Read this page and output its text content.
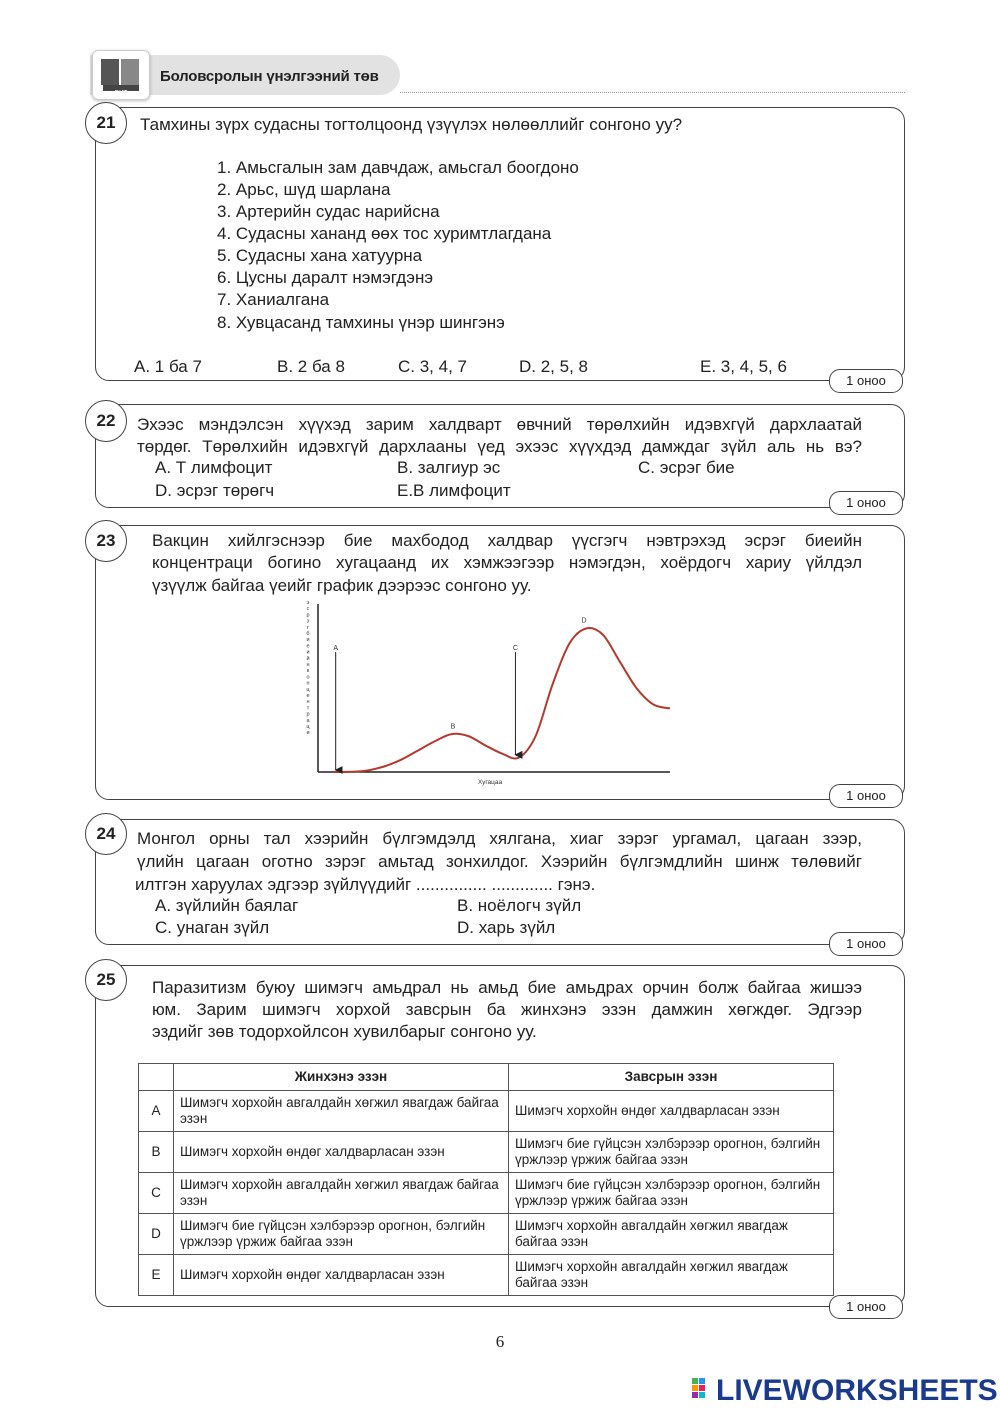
БҮТ
Боловсролын үнэлгээний төв
21	Тамхины зүрх судасны тогтолцоонд үзүүлэх нөлөөллийг сонгоно уу?
1. Амьсгалын зам давчдаж, амьсгал боогдоно
2. Арьс, шүд шарлана
3. Артерийн судас нарийсна
4. Судасны хананд өөх тос хуримтлагдана
5. Судасны хана хатуурна
6. Цусны даралт нэмэгдэнэ
7. Ханиалгана
8. Хувцасанд тамхины үнэр шингэнэ
A. 1 ба 7	B. 2 ба 8	C. 3, 4, 7	D. 2, 5, 8	E. 3, 4, 5, 6
1 оноо
22	Эхээс мэндэлсэн хүүхэд зарим халдварт өвчний төрөлхийн идэвхгүй дархлаатай
төрдөг. Төрөлхийн идэвхгүй дархлааны үед эхээс хүүхдэд дамждаг зүйл аль нь вэ?
A. Т лимфоцит	B. залгиур эс	C. эсрэг бие
D. эсрэг төрөгч	E.В лимфоцит
1 оноо
23	Вакцин хийлгэснээр бие махбодод халдвар үүсгэгч нэвтрэхэд эсрэг биеийн
концентраци богино хугацаанд их хэмжээгээр нэмэгдэн, хоёрдогч хариу үйлдэл
үзүүлж байгаа үеийг график дээрээс сонгоно уу.
э
с
р
э
г
б
и
е
и
й
н
к
о
н
ц
е
н
т
р
а
ц
и
A
B
C
D
Хугацаа
1 оноо
24	Монгол орны тал хээрийн бүлгэмдэлд хялгана, хиаг зэрэг ургамал, цагаан зээр,
үлийн цагаан оготно зэрэг амьтад зонхилдог. Хээрийн бүлгэмдлийн шинж төлөвийг
илтгэн харуулах эдгээр зүйлүүдийг ............... ............. гэнэ.
A. зүйлийн баялаг	B. ноёлогч зүйл
C. унаган зүйл	D. харь зүйл
1 оноо
25	Паразитизм буюу шимэгч амьдрал нь амьд бие амьдрах орчин болж байгаа жишээ
юм. Зарим шимэгч хорхой завсрын ба жинхэнэ эзэн дамжин хөгждөг. Эдгээр
эздийг зөв тодорхойлсон хувилбарыг сонгоно уу.
	Жинхэнэ эзэн	Завсрын эзэн
A	Шимэгч хорхойн авгалдайн хөгжил явагдаж байгаа эзэн	Шимэгч хорхойн өндөг халдварласан эзэн
B	Шимэгч хорхойн өндөг халдварласан эзэн	Шимэгч бие гүйцсэн хэлбэрээр орогнон, бэлгийн үржлээр үржиж байгаа эзэн
C	Шимэгч хорхойн авгалдайн хөгжил явагдаж байгаа эзэн	Шимэгч бие гүйцсэн хэлбэрээр орогнон, бэлгийн үржлээр үржиж байгаа эзэн
D	Шимэгч бие гүйцсэн хэлбэрээр орогнон, бэлгийн үржлээр үржиж байгаа эзэн	Шимэгч хорхойн авгалдайн хөгжил явагдаж байгаа эзэн
E	Шимэгч хорхойн өндөг халдварласан эзэн	Шимэгч хорхойн авгалдайн хөгжил явагдаж байгаа эзэн
1 оноо
6
LIVEWORKSHEETS
